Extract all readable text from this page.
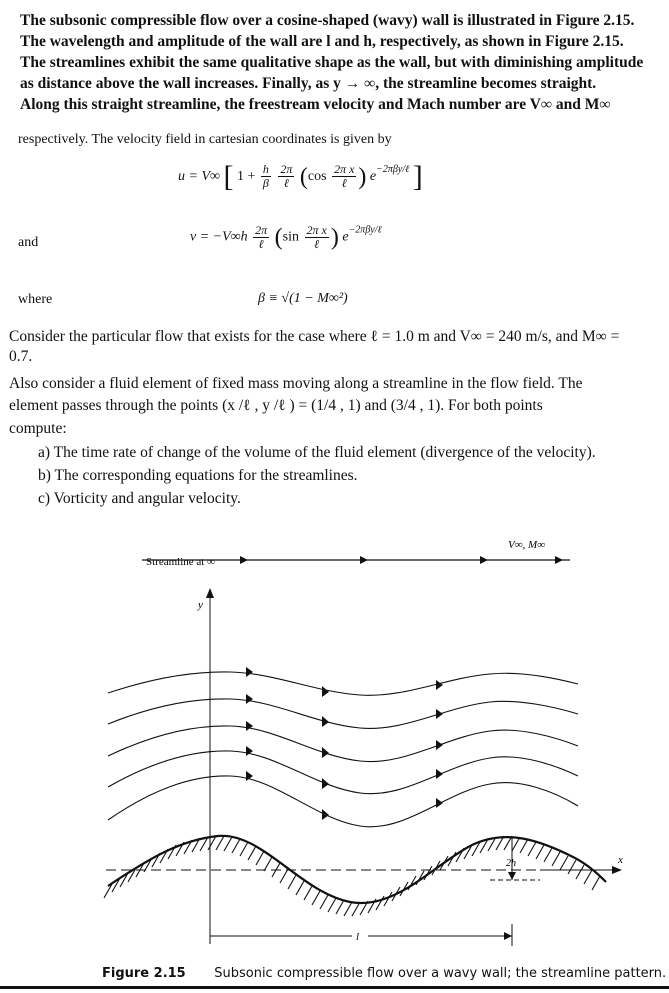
The subsonic compressible flow over a cosine-shaped (wavy) wall is illustrated in Figure 2.15.
The wavelength and amplitude of the wall are l and h, respectively, as shown in Figure 2.15.
The streamlines exhibit the same qualitative shape as the wall, but with diminishing amplitude
as distance above the wall increases. Finally, as y → ∞, the streamline becomes straight.
Along this straight streamline, the freestream velocity and Mach number are V∞ and M∞
respectively. The velocity field in cartesian coordinates is given by
u = V∞ [ $1 + \frac{h}{\beta}$
$\frac{2\pi}{\text{ℓ}} (\cos \frac{\text{2π x}}{\text{ℓ}}$ ) $e^{-2\pi\beta y/\ell}$ ]
and	$v = -V\infty h \frac{2\pi}{\text{ℓ}} (\sin \frac{\text{2π x}}{\text{ℓ}}$ ) $e^{-2\pi\beta y/\ell}$
where	β ≡ √(1 − M∞²)
Consider the particular flow that exists for the case where ℓ = 1.0 m and V∞ = 240 m/s, and M∞ =
0.7.
Also consider a fluid element of fixed mass moving along a streamline in the flow field. The
element passes through the points (x /ℓ , y /ℓ ) = (1/4 , 1) and (3/4 , 1). For both points
compute:
a) The time rate of change of the volume of the fluid element (divergence of the velocity).
b) The corresponding equations for the streamlines.
c) Vorticity and angular velocity.
Streamline at ∞
V∞, M∞
y
x
2h
l
Figure 2.15 Subsonic compressible flow over a wavy wall; the streamline pattern.
